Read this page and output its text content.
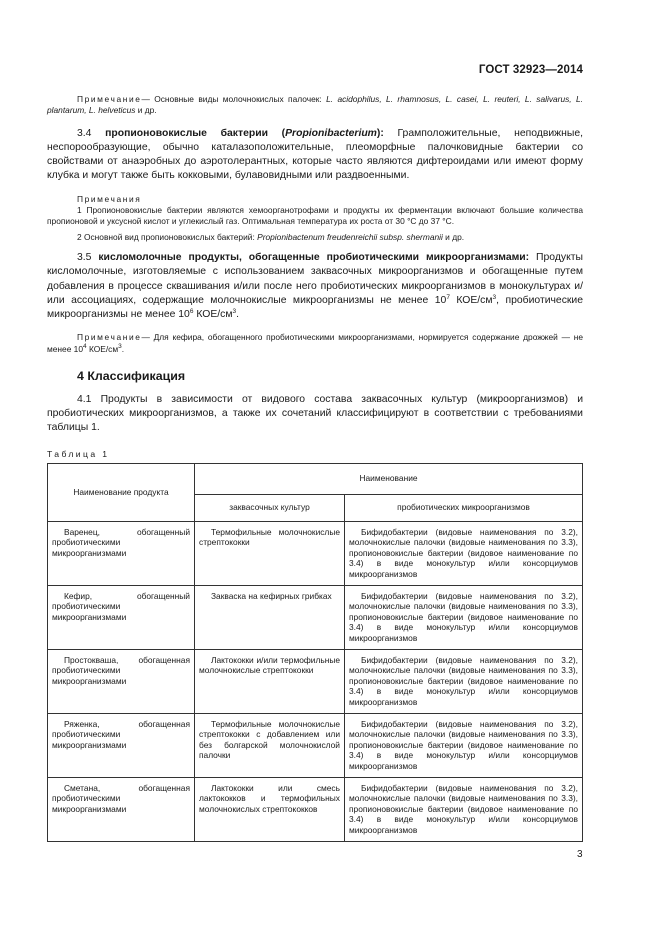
ГОСТ 32923—2014

Примечание— Основные виды молочнокислых палочек: L. acidophilus, L. rhamnosus, L. casei, L. reuteri, L. salivarus, L. plantarum, L. helveticus и др.

3.4 пропионовокислые бактерии (Propionibacterium): Грамположительные, неподвижные, неспорообразующие, обычно каталазоположительные, плеоморфные палочковидные бактерии со свойствами от анаэробных до аэротолерантных, которые часто являются дифтероидами или имеют форму клубка и могут также быть кокковыми, булавовидными или раздвоенными.

Примечания

1 Пропионовокислые бактерии являются хемоорганотрофами и продукты их ферментации включают большие количества пропионовой и уксусной кислот и углекислый газ. Оптимальная температура их роста от 30 °С до 37 °С.

2 Основной вид пропионовокислых бактерий: Propionibactenum freudenreichii subsp. shermanii и др.

3.5 кисломолочные продукты, обогащенные пробиотическими микроорганизмами: Продукты кисломолочные, изготовляемые с использованием заквасочных микроорганизмов и обогащенные путем добавления в процессе сквашивания и/или после него пробиотических микроорганизмов в монокультурах и/или ассоциациях, содержащие молочнокислые микроорганизмы не менее $10^7$ КОЕ/$см^3$, пробиотические микроорганизмы не менее $10^6$ КОЕ/$см^3$.

Примечание— Для кефира, обогащенного пробиотическими микроорганизмами, нормируется содержание дрожжей — не менее $10^4$ КОЕ/$см^3$.

4 Классификация

4.1 Продукты в зависимости от видового состава заквасочных культур (микроорганизмов) и пробиотических микроорганизмов, а также их сочетаний классифицируют в соответствии с требованиями таблицы 1.

Таблица 1

Наименование продукта	Наименование	
	заквасочных культур	пробиотических микроорганизмов

Варенец, обогащенный пробиотическими микроорганизмами	Термофильные молочнокислые стрептококки	Бифидобактерии (видовые наименования по 3.2), молочнокислые палочки (видовые наименования по 3.3), пропионовокислые бактерии (видовое наименование по 3.4) в виде монокультур и/или консорциумов микроорганизмов

Кефир, обогащенный пробиотическими микроорганизмами	Закваска на кефирных грибках	Бифидобактерии (видовые наименования по 3.2), молочнокислые палочки (видовые наименования по 3.3), пропионовокислые бактерии (видовое наименование по 3.4) в виде монокультур и/или консорциумов микроорганизмов

Простокваша, обогащенная пробиотическими микроорганизмами	Лактококки и/или термофильные молочнокислые стрептококки	Бифидобактерии (видовые наименования по 3.2), молочнокислые палочки (видовые наименования по 3.3), пропионовокислые бактерии (видовое наименование по 3.4) в виде монокультур и/или консорциумов микроорганизмов

Ряженка, обогащенная пробиотическими микроорганизмами	Термофильные молочнокислые стрептококки с добавлением или без болгарской молочнокислой палочки	Бифидобактерии (видовые наименования по 3.2), молочнокислые палочки (видовые наименования по 3.3), пропионовокислые бактерии (видовое наименование по 3.4) в виде монокультур и/или консорциумов микроорганизмов

Сметана, обогащенная пробиотическими микроорганизмами	Лактококки или смесь лактококков и термофильных молочнокислых стрептококков	Бифидобактерии (видовые наименования по 3.2), молочнокислые палочки (видовые наименования по 3.3), пропионовокислые бактерии (видовое наименование по 3.4) в виде монокультур и/или консорциумов микроорганизмов
3
